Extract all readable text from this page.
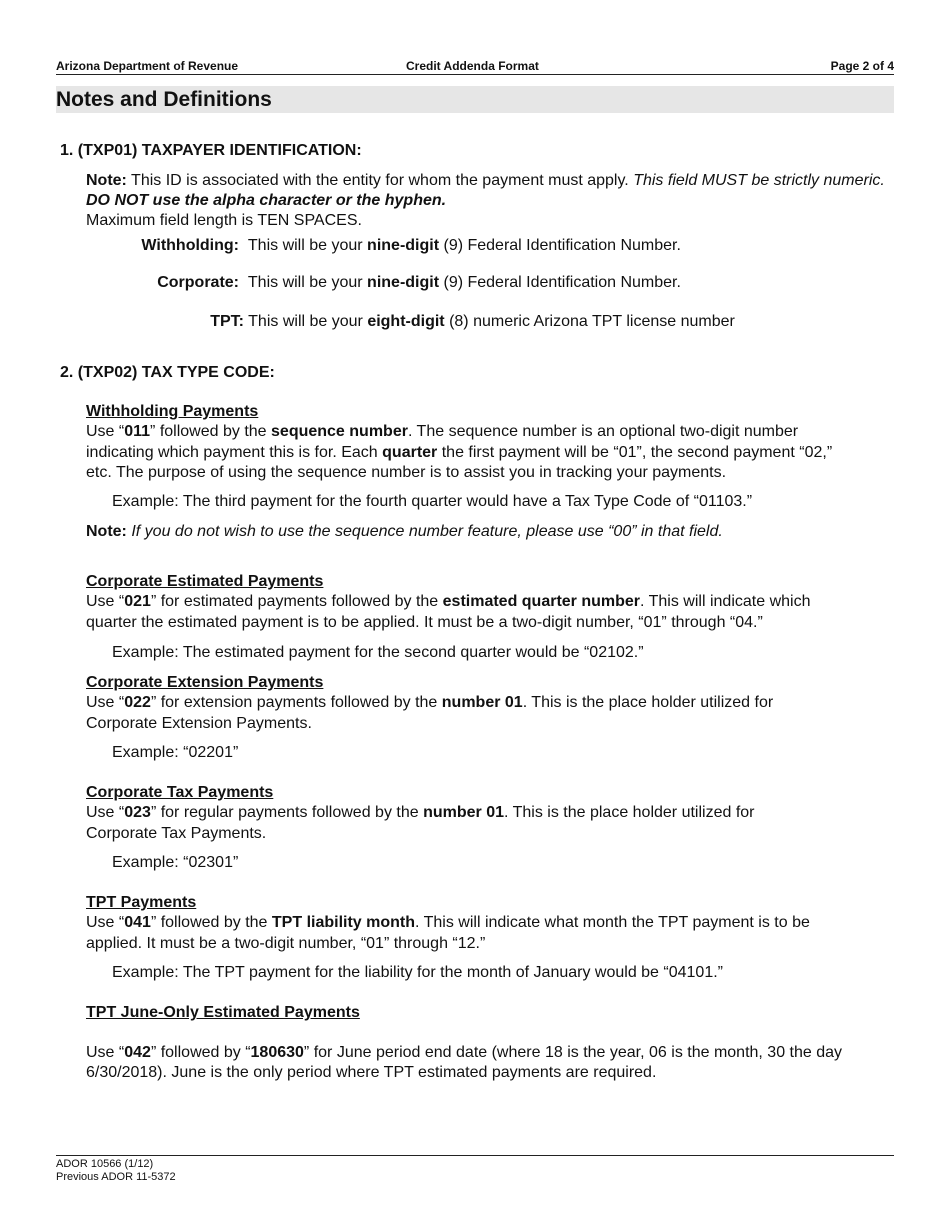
Arizona Department of Revenue	Credit Addenda Format	Page 2 of 4
Notes and Definitions
1. (TXP01) TAXPAYER IDENTIFICATION:
Note: This ID is associated with the entity for whom the payment must apply. This field MUST be strictly numeric. DO NOT use the alpha character or the hyphen.
Maximum field length is TEN SPACES.
Withholding: This will be your nine-digit (9) Federal Identification Number.
Corporate: This will be your nine-digit (9) Federal Identification Number.
TPT: This will be your eight-digit (8) numeric Arizona TPT license number
2. (TXP02) TAX TYPE CODE:
Withholding Payments
Use “011” followed by the sequence number. The sequence number is an optional two-digit number
indicating which payment this is for. Each quarter the first payment will be “01”, the second payment “02,”
etc. The purpose of using the sequence number is to assist you in tracking your payments.
Example: The third payment for the fourth quarter would have a Tax Type Code of “01103.”
Note: If you do not wish to use the sequence number feature, please use “00” in that field.
Corporate Estimated Payments
Use “021” for estimated payments followed by the estimated quarter number. This will indicate which
quarter the estimated payment is to be applied. It must be a two-digit number, “01” through “04.”
Example: The estimated payment for the second quarter would be “02102.”
Corporate Extension Payments
Use “022” for extension payments followed by the number 01. This is the place holder utilized for
Corporate Extension Payments.
Example: “02201”
Corporate Tax Payments
Use “023” for regular payments followed by the number 01. This is the place holder utilized for
Corporate Tax Payments.
Example: “02301”
TPT Payments
Use “041” followed by the TPT liability month. This will indicate what month the TPT payment is to be
applied. It must be a two-digit number, “01” through “12.”
Example: The TPT payment for the liability for the month of January would be “04101.”
TPT June-Only Estimated Payments
Use “042” followed by “180630” for June period end date (where 18 is the year, 06 is the month, 30 the day
6/30/2018). June is the only period where TPT estimated payments are required.
ADOR 10566 (1/12)
Previous ADOR 11-5372
